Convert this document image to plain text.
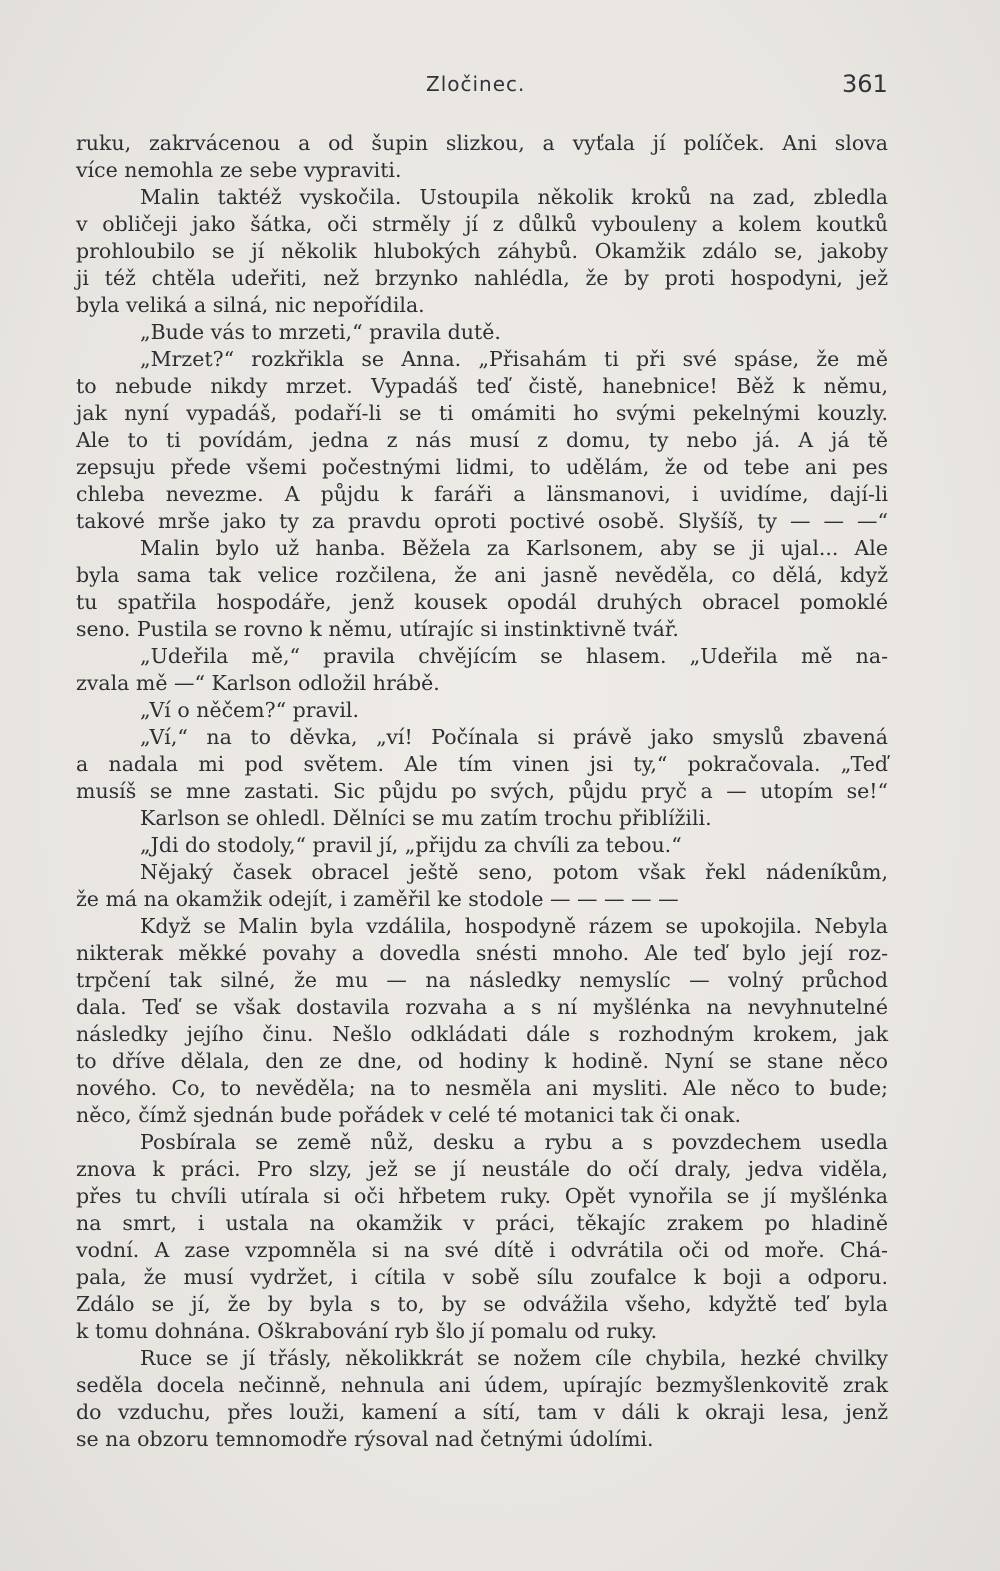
Zločinec.	361
ruku, zakrvácenou a od šupin slizkou, a vyťala jí políček. Ani slova
více nemohla ze sebe vypraviti.
Malin taktéž vyskočila. Ustoupila několik kroků na zad, zbledla
v obličeji jako šátka, oči strměly jí z důlků vybouleny a kolem koutků
prohloubilo se jí několik hlubokých záhybů. Okamžik zdálo se, jakoby
ji též chtěla udeřiti, než brzynko nahlédla, že by proti hospodyni, jež
byla veliká a silná, nic nepořídila.
„Bude vás to mrzeti,“ pravila dutě.
„Mrzet?“ rozkřikla se Anna. „Přisahám ti při své spáse, že mě
to nebude nikdy mrzet. Vypadáš teď čistě, hanebnice! Běž k němu,
jak nyní vypadáš, podaří-li se ti omámiti ho svými pekelnými kouzly.
Ale to ti povídám, jedna z nás musí z domu, ty nebo já. A já tě
zepsuju přede všemi počestnými lidmi, to udělám, že od tebe ani pes
chleba nevezme. A půjdu k faráři a länsmanovi, i uvidíme, dají-li
takové mrše jako ty za pravdu oproti poctivé osobě. Slyšíš, ty — — —“
Malin bylo už hanba. Běžela za Karlsonem, aby se ji ujal... Ale
byla sama tak velice rozčilena, že ani jasně nevěděla, co dělá, když
tu spatřila hospodáře, jenž kousek opodál druhých obracel pomoklé
seno. Pustila se rovno k němu, utírajíc si instinktivně tvář.
„Udeřila mě,“ pravila chvějícím se hlasem. „Udeřila mě na-
zvala mě —“ Karlson odložil hrábě.
„Ví o něčem?“ pravil.
„Ví,“ na to děvka, „ví! Počínala si právě jako smyslů zbavená
a nadala mi pod světem. Ale tím vinen jsi ty,“ pokračovala. „Teď
musíš se mne zastati. Sic půjdu po svých, půjdu pryč a — utopím se!“
Karlson se ohledl. Dělníci se mu zatím trochu přiblížili.
„Jdi do stodoly,“ pravil jí, „přijdu za chvíli za tebou.“
Nějaký časek obracel ještě seno, potom však řekl nádeníkům,
že má na okamžik odejít, i zaměřil ke stodole — — — — —
Když se Malin byla vzdálila, hospodyně rázem se upokojila. Nebyla
nikterak měkké povahy a dovedla snésti mnoho. Ale teď bylo její roz-
trpčení tak silné, že mu — na následky nemyslíc — volný průchod
dala. Teď se však dostavila rozvaha a s ní myšlénka na nevyhnutelné
následky jejího činu. Nešlo odkládati dále s rozhodným krokem, jak
to dříve dělala, den ze dne, od hodiny k hodině. Nyní se stane něco
nového. Co, to nevěděla; na to nesměla ani mysliti. Ale něco to bude;
něco, čímž sjednán bude pořádek v celé té motanici tak či onak.
Posbírala se země nůž, desku a rybu a s povzdechem usedla
znova k práci. Pro slzy, jež se jí neustále do očí draly, jedva viděla,
přes tu chvíli utírala si oči hřbetem ruky. Opět vynořila se jí myšlénka
na smrt, i ustala na okamžik v práci, těkajíc zrakem po hladině
vodní. A zase vzpomněla si na své dítě i odvrátila oči od moře. Chá-
pala, že musí vydržet, i cítila v sobě sílu zoufalce k boji a odporu.
Zdálo se jí, že by byla s to, by se odvážila všeho, kdyžtě teď byla
k tomu dohnána. Oškrabování ryb šlo jí pomalu od ruky.
Ruce se jí třásly, několikkrát se nožem cíle chybila, hezké chvilky
seděla docela nečinně, nehnula ani údem, upírajíc bezmyšlenkovitě zrak
do vzduchu, přes louži, kamení a sítí, tam v dáli k okraji lesa, jenž
se na obzoru temnomodře rýsoval nad četnými údolími.
